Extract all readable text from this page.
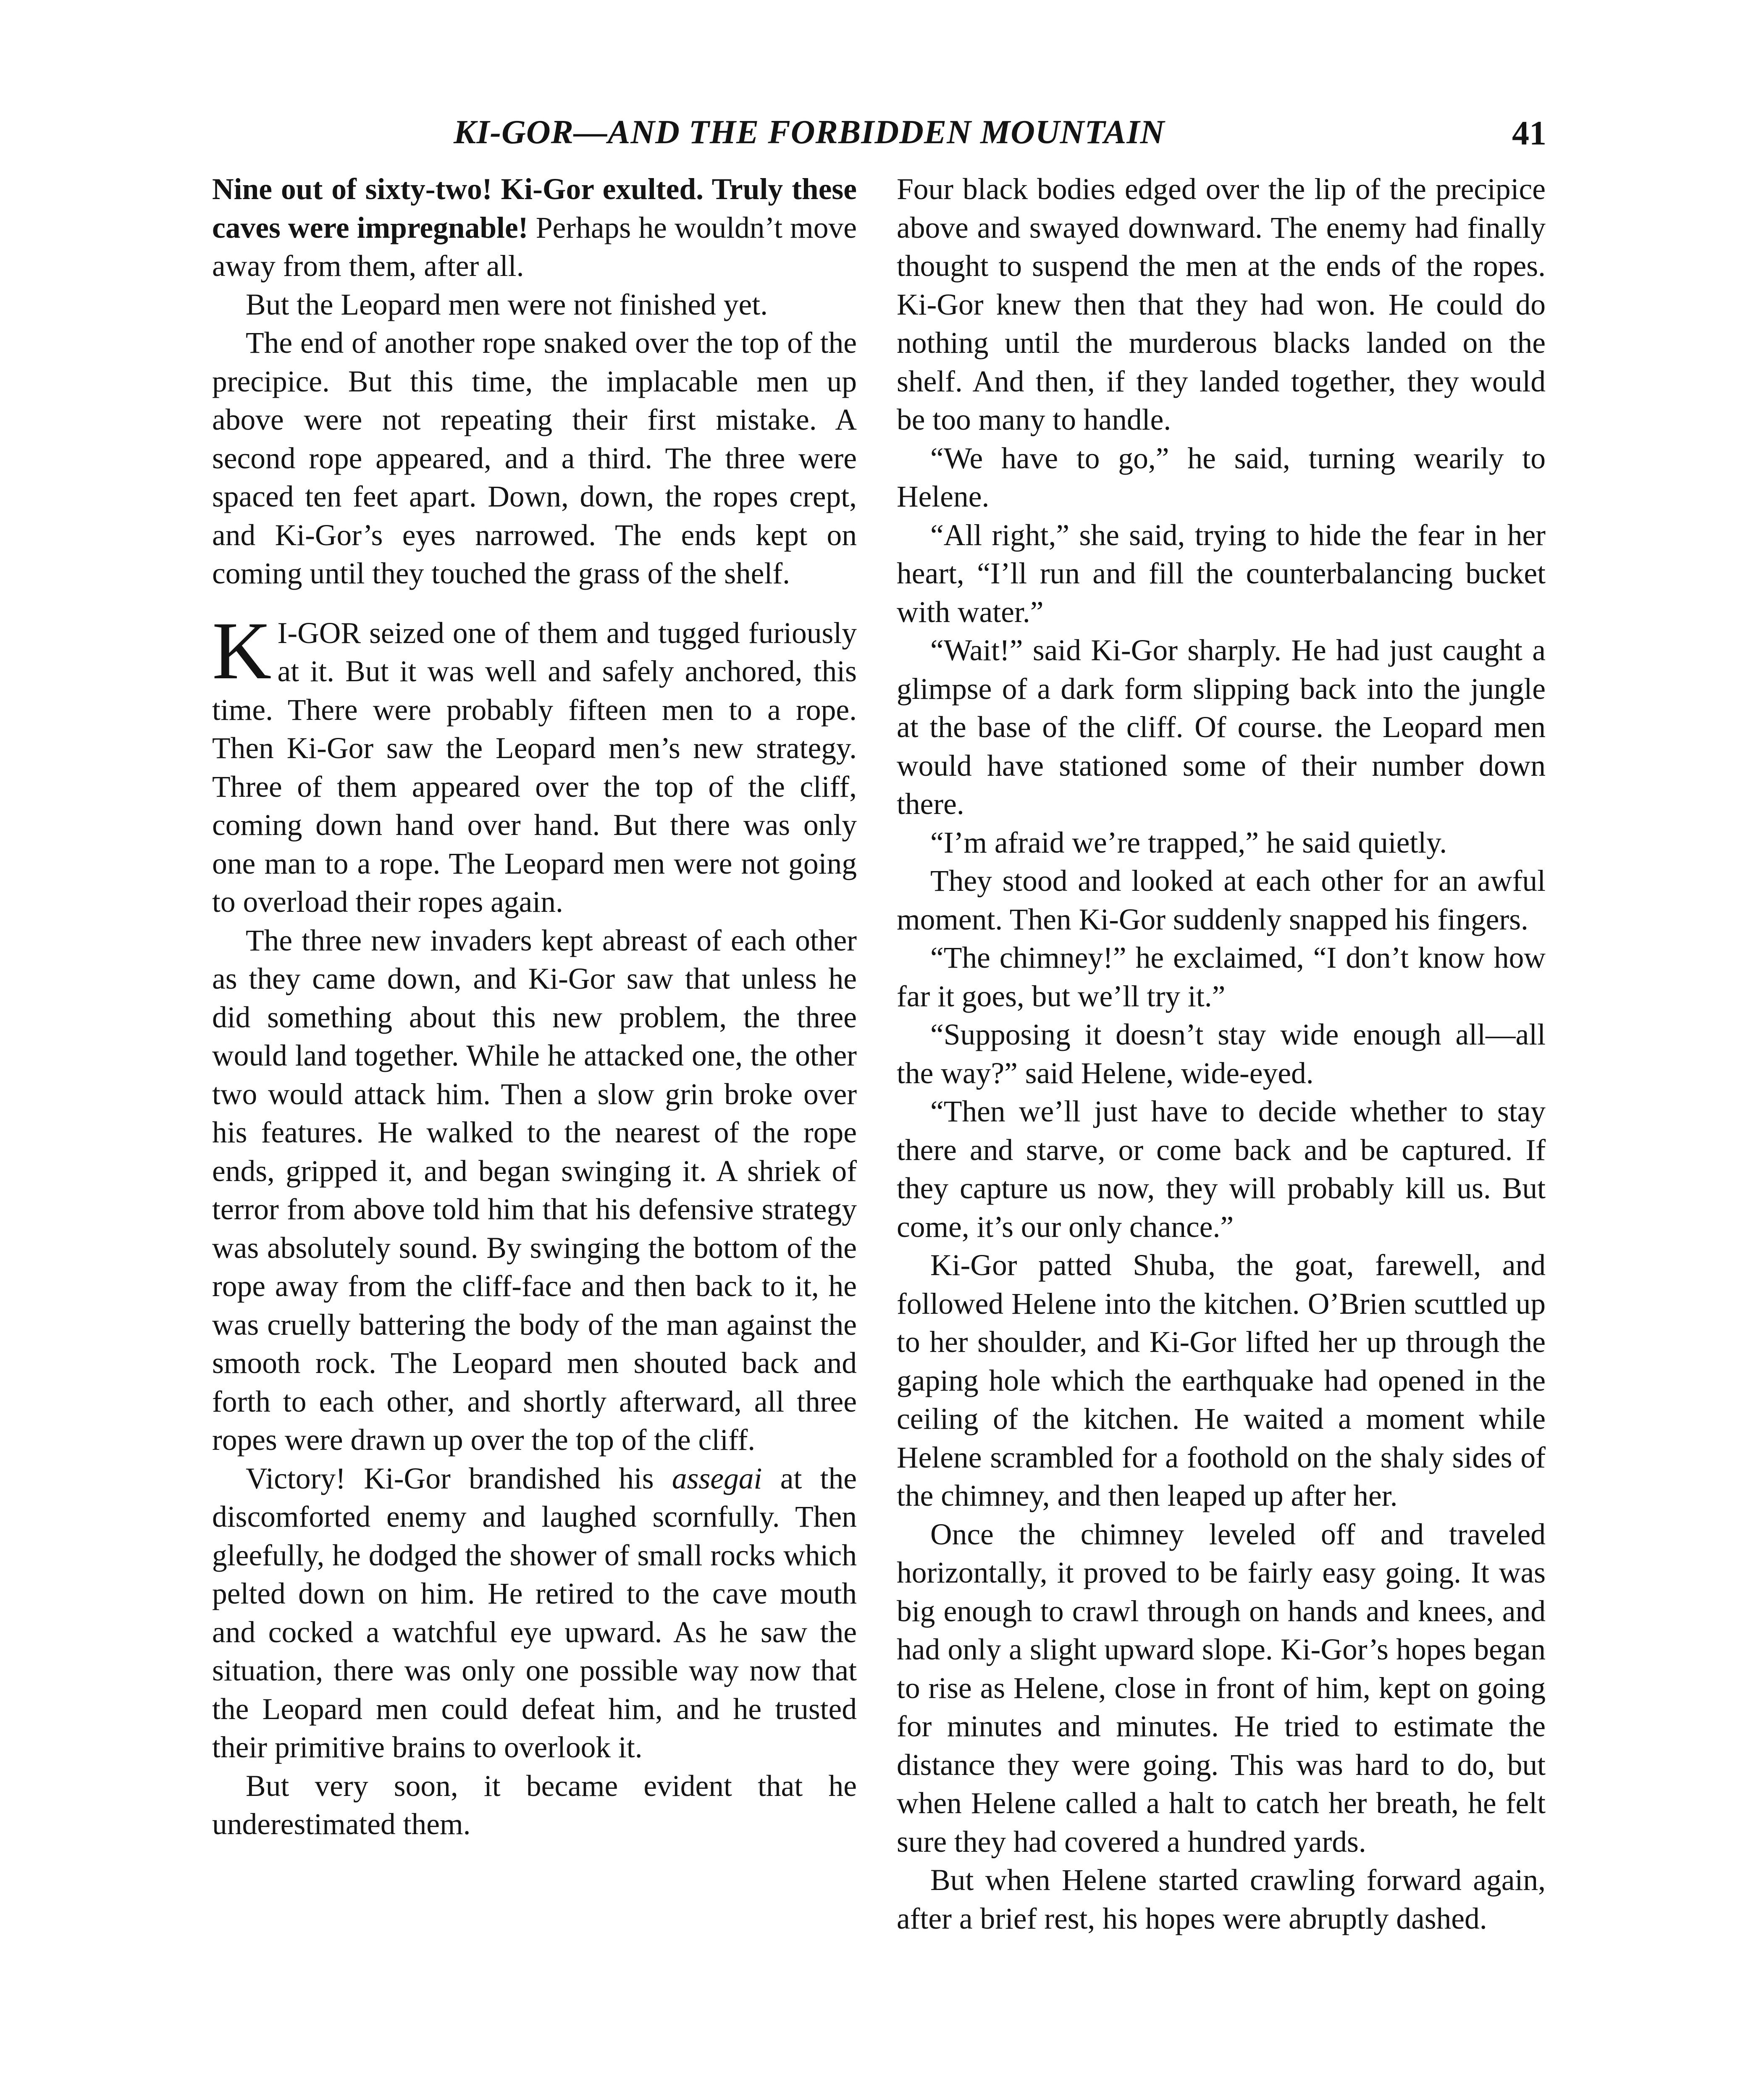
KI-GOR—AND THE FORBIDDEN MOUNTAIN	41

Nine out of sixty-two! Ki-Gor exulted. Truly these caves were impregnable! Perhaps he wouldn’t move away from them, after all.

But the Leopard men were not finished yet.

The end of another rope snaked over the top of the precipice. But this time, the implacable men up above were not repeating their first mistake. A second rope appeared, and a third. The three were spaced ten feet apart. Down, down, the ropes crept, and Ki-Gor’s eyes narrowed. The ends kept on coming until they touched the grass of the shelf.

K I-GOR seized one of them and tugged furiously at it. But it was well and safely anchored, this time. There were probably fifteen men to a rope. Then Ki-Gor saw the Leopard men’s new strategy. Three of them appeared over the top of the cliff, coming down hand over hand. But there was only one man to a rope. The Leopard men were not going to overload their ropes again.

The three new invaders kept abreast of each other as they came down, and Ki-Gor saw that unless he did something about this new problem, the three would land together. While he attacked one, the other two would attack him. Then a slow grin broke over his features. He walked to the nearest of the rope ends, gripped it, and began swinging it. A shriek of terror from above told him that his defensive strategy was absolutely sound. By swinging the bottom of the rope away from the cliff-face and then back to it, he was cruelly battering the body of the man against the smooth rock. The Leopard men shouted back and forth to each other, and shortly afterward, all three ropes were drawn up over the top of the cliff.

Victory! Ki-Gor brandished his assegai at the discomforted enemy and laughed scornfully. Then gleefully, he dodged the shower of small rocks which pelted down on him. He retired to the cave mouth and cocked a watchful eye upward. As he saw the situation, there was only one possible way now that the Leopard men could defeat him, and he trusted their primitive brains to overlook it.

But very soon, it became evident that he underestimated them.

Four black bodies edged over the lip of the precipice above and swayed downward. The enemy had finally thought to suspend the men at the ends of the ropes. Ki-Gor knew then that they had won. He could do nothing until the murderous blacks landed on the shelf. And then, if they landed together, they would be too many to handle.

“We have to go,” he said, turning wearily to Helene.

“All right,” she said, trying to hide the fear in her heart, “I’ll run and fill the counterbalancing bucket with water.”

“Wait!” said Ki-Gor sharply. He had just caught a glimpse of a dark form slipping back into the jungle at the base of the cliff. Of course. the Leopard men would have stationed some of their number down there.

“I’m afraid we’re trapped,” he said quietly.

They stood and looked at each other for an awful moment. Then Ki-Gor suddenly snapped his fingers.

“The chimney!” he exclaimed, “I don’t know how far it goes, but we’ll try it.”

“Supposing it doesn’t stay wide enough all—all the way?” said Helene, wide-eyed.

“Then we’ll just have to decide whether to stay there and starve, or come back and be captured. If they capture us now, they will probably kill us. But come, it’s our only chance.”

Ki-Gor patted Shuba, the goat, farewell, and followed Helene into the kitchen. O’Brien scuttled up to her shoulder, and Ki-Gor lifted her up through the gaping hole which the earthquake had opened in the ceiling of the kitchen. He waited a moment while Helene scrambled for a foothold on the shaly sides of the chimney, and then leaped up after her.

Once the chimney leveled off and traveled horizontally, it proved to be fairly easy going. It was big enough to crawl through on hands and knees, and had only a slight upward slope. Ki-Gor’s hopes began to rise as Helene, close in front of him, kept on going for minutes and minutes. He tried to estimate the distance they were going. This was hard to do, but when Helene called a halt to catch her breath, he felt sure they had covered a hundred yards.

But when Helene started crawling forward again, after a brief rest, his hopes were abruptly dashed.
